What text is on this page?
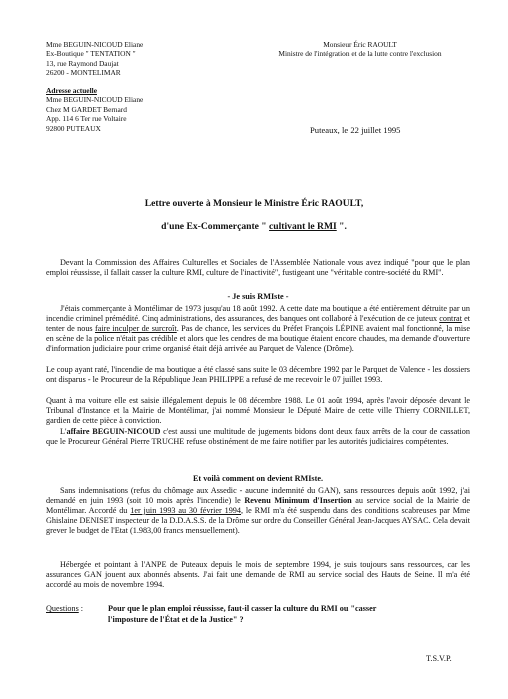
Mme BEGUIN-NICOUD Eliane
Ex-Boutique " TENTATION "
13, rue Raymond Daujat
26200 - MONTELIMAR
Monsieur Éric RAOULT
Ministre de l'intégration et de la lutte contre l'exclusion
Adresse actuelle
Mme BEGUIN-NICOUD Eliane
Chez M GARDET Bernard
App. 114 6 Ter rue Voltaire
92800 PUTEAUX	Puteaux, le 22 juillet 1995
Lettre ouverte à Monsieur le Ministre Éric RAOULT,
d'une Ex-Commerçante " cultivant le RMI ".
Devant la Commission des Affaires Culturelles et Sociales de l'Assemblée Nationale vous avez indiqué "pour que le plan emploi réussisse, il fallait casser la culture RMI, culture de l'inactivité", fustigeant une "véritable contre-société du RMI".
- Je suis RMIste -
J'étais commerçante à Montélimar de 1973 jusqu'au 18 août 1992. A cette date ma boutique a été entièrement détruite par un incendie criminel prémédité. Cinq administrations, des assurances, des banques ont collaboré à l'exécution de ce juteux contrat et tenter de nous faire inculper de surcroît. Pas de chance, les services du Préfet François LÉPINE avaient mal fonctionné, la mise en scène de la police n'était pas crédible et alors que les cendres de ma boutique étaient encore chaudes, ma demande d'ouverture d'information judiciaire pour crime organisé était déjà arrivée au Parquet de Valence (Drôme).
Le coup ayant raté, l'incendie de ma boutique a été classé sans suite le 03 décembre 1992 par le Parquet de Valence - les dossiers ont disparus - le Procureur de la République Jean PHILIPPE a refusé de me recevoir le 07 juillet 1993.
Quant à ma voiture elle est saisie illégalement depuis le 08 décembre 1988. Le 01 août 1994, après l'avoir déposée devant le Tribunal d'Instance et la Mairie de Montélimar, j'ai nommé Monsieur le Député Maire de cette ville Thierry CORNILLET, gardien de cette pièce à conviction.
L'affaire BEGUIN-NICOUD c'est aussi une multitude de jugements bidons dont deux faux arrêts de la cour de cassation que le Procureur Général Pierre TRUCHE refuse obstinément de me faire notifier par les autorités judiciaires compétentes.
Et voilà comment on devient RMIste.
Sans indemnisations (refus du chômage aux Assedic - aucune indemnité du GAN), sans ressources depuis août 1992, j'ai demandé en juin 1993 (soit 10 mois après l'incendie) le Revenu Minimum d'Insertion au service social de la Mairie de Montélimar. Accordé du 1er juin 1993 au 30 février 1994, le RMI m'a été suspendu dans des conditions scabreuses par Mme Ghislaine DENISET inspecteur de la D.D.A.S.S. de la Drôme sur ordre du Conseiller Général Jean-Jacques AYSAC. Cela devait grever le budget de l'Etat (1.983,00 francs mensuellement).
Hébergée et pointant à l'ANPE de Puteaux depuis le mois de septembre 1994, je suis toujours sans ressources, car les assurances GAN jouent aux abonnés absents. J'ai fait une demande de RMI au service social des Hauts de Seine. Il m'a été accordé au mois de novembre 1994.
Questions :	Pour que le plan emploi réussisse, faut-il casser la culture du RMI ou "casser
l'imposture de l'État et de la Justice" ?
T.S.V.P.
